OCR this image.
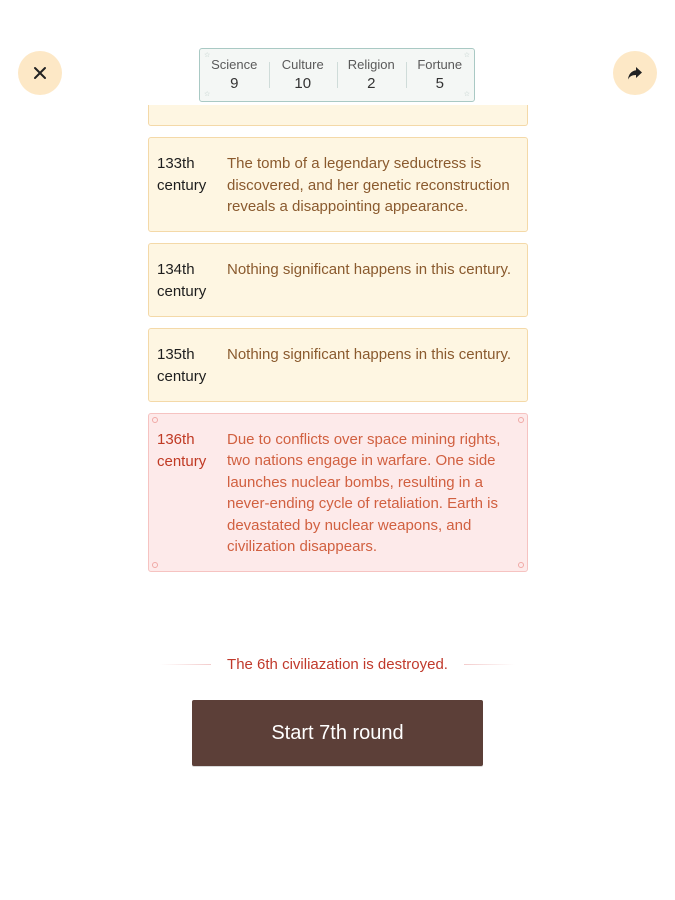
☆	☆
☆	☆
Science
9
Culture
10
Religion
2
Fortune
5
133th century
The tomb of a legendary seductress is discovered, and her genetic reconstruction reveals a disappointing appearance.
134th century
Nothing significant happens in this century.
135th century
Nothing significant happens in this century.
136th century
Due to conflicts over space mining rights, two nations engage in warfare. One side launches nuclear bombs, resulting in a never-ending cycle of retaliation. Earth is devastated by nuclear weapons, and civilization disappears.
The 6th civiliazation is destroyed.
Start 7th round
